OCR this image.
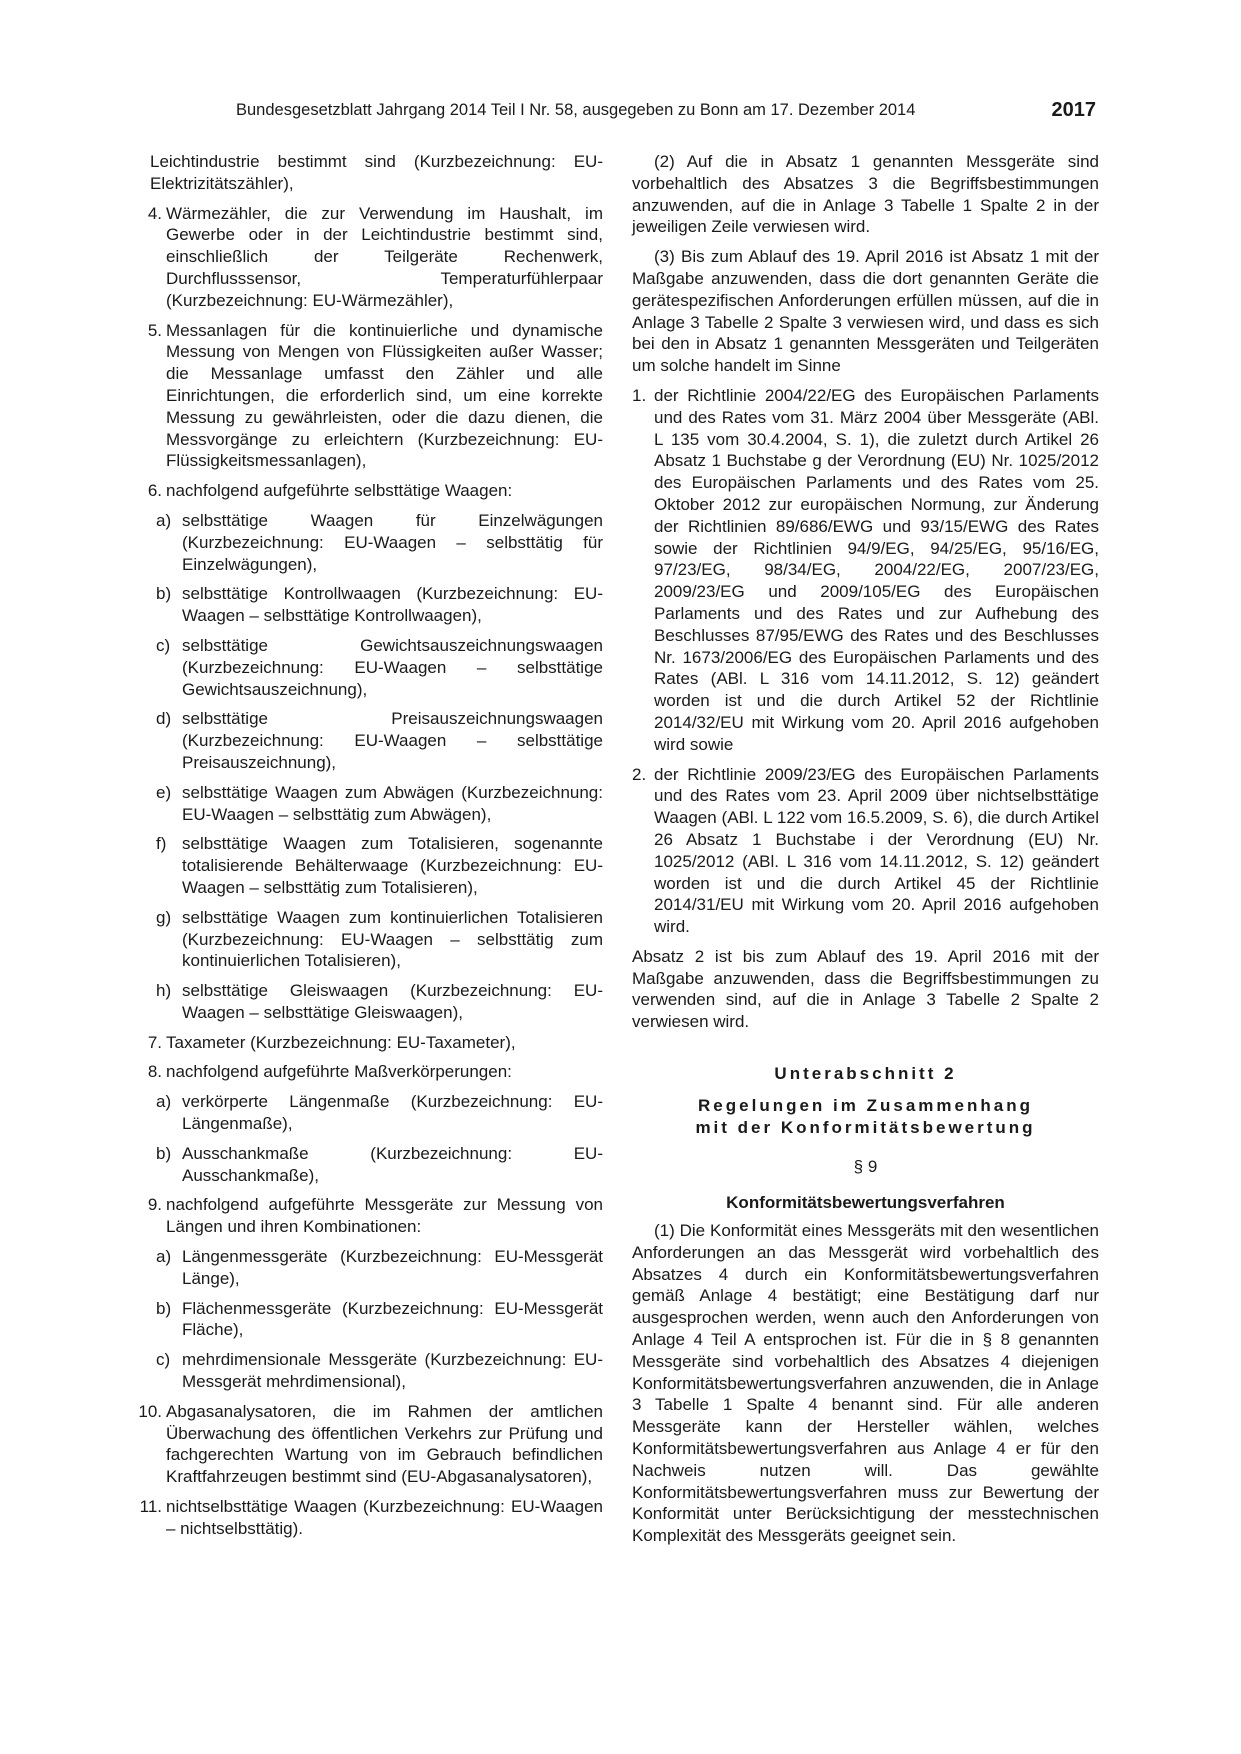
Bundesgesetzblatt Jahrgang 2014 Teil I Nr. 58, ausgegeben zu Bonn am 17. Dezember 2014	2017
Leichtindustrie bestimmt sind (Kurzbezeichnung: EU-Elektrizitätszähler),
4. Wärmezähler, die zur Verwendung im Haushalt, im Gewerbe oder in der Leichtindustrie bestimmt sind, einschließlich der Teilgeräte Rechenwerk, Durchflusssensor, Temperaturfühlerpaar (Kurzbezeichnung: EU-Wärmezähler),
5. Messanlagen für die kontinuierliche und dynamische Messung von Mengen von Flüssigkeiten außer Wasser; die Messanlage umfasst den Zähler und alle Einrichtungen, die erforderlich sind, um eine korrekte Messung zu gewährleisten, oder die dazu dienen, die Messvorgänge zu erleichtern (Kurzbezeichnung: EU-Flüssigkeitsmessanlagen),
6. nachfolgend aufgeführte selbsttätige Waagen:
a) selbsttätige Waagen für Einzelwägungen (Kurzbezeichnung: EU-Waagen – selbsttätig für Einzelwägungen),
b) selbsttätige Kontrollwaagen (Kurzbezeichnung: EU-Waagen – selbsttätige Kontrollwaagen),
c) selbsttätige Gewichtsauszeichnungswaagen (Kurzbezeichnung: EU-Waagen – selbsttätige Gewichtsauszeichnung),
d) selbsttätige Preisauszeichnungswaagen (Kurzbezeichnung: EU-Waagen – selbsttätige Preisauszeichnung),
e) selbsttätige Waagen zum Abwägen (Kurzbezeichnung: EU-Waagen – selbsttätig zum Abwägen),
f) selbsttätige Waagen zum Totalisieren, sogenannte totalisierende Behälterwaage (Kurzbezeichnung: EU-Waagen – selbsttätig zum Totalisieren),
g) selbsttätige Waagen zum kontinuierlichen Totalisieren (Kurzbezeichnung: EU-Waagen – selbsttätig zum kontinuierlichen Totalisieren),
h) selbsttätige Gleiswaagen (Kurzbezeichnung: EU-Waagen – selbsttätige Gleiswaagen),
7. Taxameter (Kurzbezeichnung: EU-Taxameter),
8. nachfolgend aufgeführte Maßverkörperungen:
a) verkörperte Längenmaße (Kurzbezeichnung: EU-Längenmaße),
b) Ausschankmaße (Kurzbezeichnung: EU-Ausschankmaße),
9. nachfolgend aufgeführte Messgeräte zur Messung von Längen und ihren Kombinationen:
a) Längenmessgeräte (Kurzbezeichnung: EU-Messgerät Länge),
b) Flächenmessgeräte (Kurzbezeichnung: EU-Messgerät Fläche),
c) mehrdimensionale Messgeräte (Kurzbezeichnung: EU-Messgerät mehrdimensional),
10. Abgasanalysatoren, die im Rahmen der amtlichen Überwachung des öffentlichen Verkehrs zur Prüfung und fachgerechten Wartung von im Gebrauch befindlichen Kraftfahrzeugen bestimmt sind (EU-Abgasanalysatoren),
11. nichtselbsttätige Waagen (Kurzbezeichnung: EU-Waagen – nichtselbsttätig).

(2) Auf die in Absatz 1 genannten Messgeräte sind vorbehaltlich des Absatzes 3 die Begriffsbestimmungen anzuwenden, auf die in Anlage 3 Tabelle 1 Spalte 2 in der jeweiligen Zeile verwiesen wird.

(3) Bis zum Ablauf des 19. April 2016 ist Absatz 1 mit der Maßgabe anzuwenden, dass die dort genannten Geräte die gerätespezifischen Anforderungen erfüllen müssen, auf die in Anlage 3 Tabelle 2 Spalte 3 verwiesen wird, und dass es sich bei den in Absatz 1 genannten Messgeräten und Teilgeräten um solche handelt im Sinne

1. der Richtlinie 2004/22/EG des Europäischen Parlaments und des Rates vom 31. März 2004 über Messgeräte (ABl. L 135 vom 30.4.2004, S. 1), die zuletzt durch Artikel 26 Absatz 1 Buchstabe g der Verordnung (EU) Nr. 1025/2012 des Europäischen Parlaments und des Rates vom 25. Oktober 2012 zur europäischen Normung, zur Änderung der Richtlinien 89/686/EWG und 93/15/EWG des Rates sowie der Richtlinien 94/9/EG, 94/25/EG, 95/16/EG, 97/23/EG, 98/34/EG, 2004/22/EG, 2007/23/EG, 2009/23/EG und 2009/105/EG des Europäischen Parlaments und des Rates und zur Aufhebung des Beschlusses 87/95/EWG des Rates und des Beschlusses Nr. 1673/2006/EG des Europäischen Parlaments und des Rates (ABl. L 316 vom 14.11.2012, S. 12) geändert worden ist und die durch Artikel 52 der Richtlinie 2014/32/EU mit Wirkung vom 20. April 2016 aufgehoben wird sowie
2. der Richtlinie 2009/23/EG des Europäischen Parlaments und des Rates vom 23. April 2009 über nichtselbsttätige Waagen (ABl. L 122 vom 16.5.2009, S. 6), die durch Artikel 26 Absatz 1 Buchstabe i der Verordnung (EU) Nr. 1025/2012 (ABl. L 316 vom 14.11.2012, S. 12) geändert worden ist und die durch Artikel 45 der Richtlinie 2014/31/EU mit Wirkung vom 20. April 2016 aufgehoben wird.

Absatz 2 ist bis zum Ablauf des 19. April 2016 mit der Maßgabe anzuwenden, dass die Begriffsbestimmungen zu verwenden sind, auf die in Anlage 3 Tabelle 2 Spalte 2 verwiesen wird.

Unterabschnitt 2

Regelungen im Zusammenhang

mit der Konformitätsbewertung

§ 9

Konformitätsbewertungsverfahren

(1) Die Konformität eines Messgeräts mit den wesentlichen Anforderungen an das Messgerät wird vorbehaltlich des Absatzes 4 durch ein Konformitätsbewertungsverfahren gemäß Anlage 4 bestätigt; eine Bestätigung darf nur ausgesprochen werden, wenn auch den Anforderungen von Anlage 4 Teil A entsprochen ist. Für die in § 8 genannten Messgeräte sind vorbehaltlich des Absatzes 4 diejenigen Konformitätsbewertungsverfahren anzuwenden, die in Anlage 3 Tabelle 1 Spalte 4 benannt sind. Für alle anderen Messgeräte kann der Hersteller wählen, welches Konformitätsbewertungsverfahren aus Anlage 4 er für den Nachweis nutzen will. Das gewählte Konformitätsbewertungsverfahren muss zur Bewertung der Konformität unter Berücksichtigung der messtechnischen Komplexität des Messgeräts geeignet sein.
